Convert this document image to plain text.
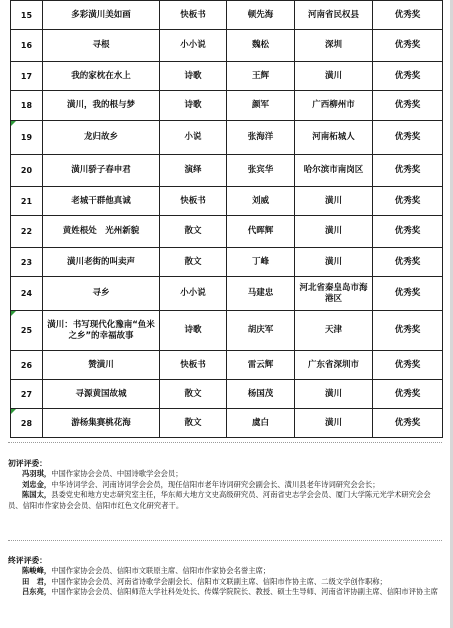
15	多彩潢川美如画	快板书	顿先海	河南省民权县	优秀奖
16	寻根	小小说	魏松	深圳	优秀奖
17	我的家枕在水上	诗歌	王辉	潢川	优秀奖
18	潢川，我的根与梦	诗歌	颜军	广西柳州市	优秀奖

19	龙归故乡	小说	张海洋	河南柘城人	优秀奖
20	潢川骄子春申君	演绎	张宾华	哈尔滨市南岗区	优秀奖
21	老城干群他真诚	快板书	刘威	潢川	优秀奖
22	黄姓根处　光州新貌	散文	代晖辉	潢川	优秀奖
23	潢川老街的叫卖声	散文	丁峰	潢川	优秀奖
24	寻乡	小小说	马建忠	河北省秦皇岛市海港区	优秀奖

25	潢川：书写现代化豫南“鱼米之乡”的幸福故事	诗歌	胡庆军	天津	优秀奖
26	赞潢川	快板书	雷云辉	广东省深圳市	优秀奖
27	寻源黄国故城	散文	杨国茂	潢川	优秀奖

28	游杨集赛桃花海	散文	虞白	潢川	优秀奖
初评评委：
冯羽琪，中国作家协会会员、中国诗歌学会会员；
刘忠金，中华诗词学会、河南诗词学会会员，现任信阳市老年诗词研究会副会长、潢川县老年诗词研究会会长；
陈国太，县委党史和地方史志研究室主任，华东师大地方文史高级研究员、河南省史志学会会员、厦门大学陈元光学术研究会会员、信阳市作家协会会员、信阳市红色文化研究者干。
终评评委：
陈峻峰，中国作家协会会员、信阳市文联原主席、信阳市作家协会名誉主席；
田　君，中国作家协会会员、河南省诗歌学会副会长、信阳市文联副主席、信阳市作协主席、二级文学创作职称；
吕东亮，中国作家协会会员、信阳师范大学社科处处长、传媒学院院长、教授、硕士生导师、河南省评协副主席、信阳市评协主席
